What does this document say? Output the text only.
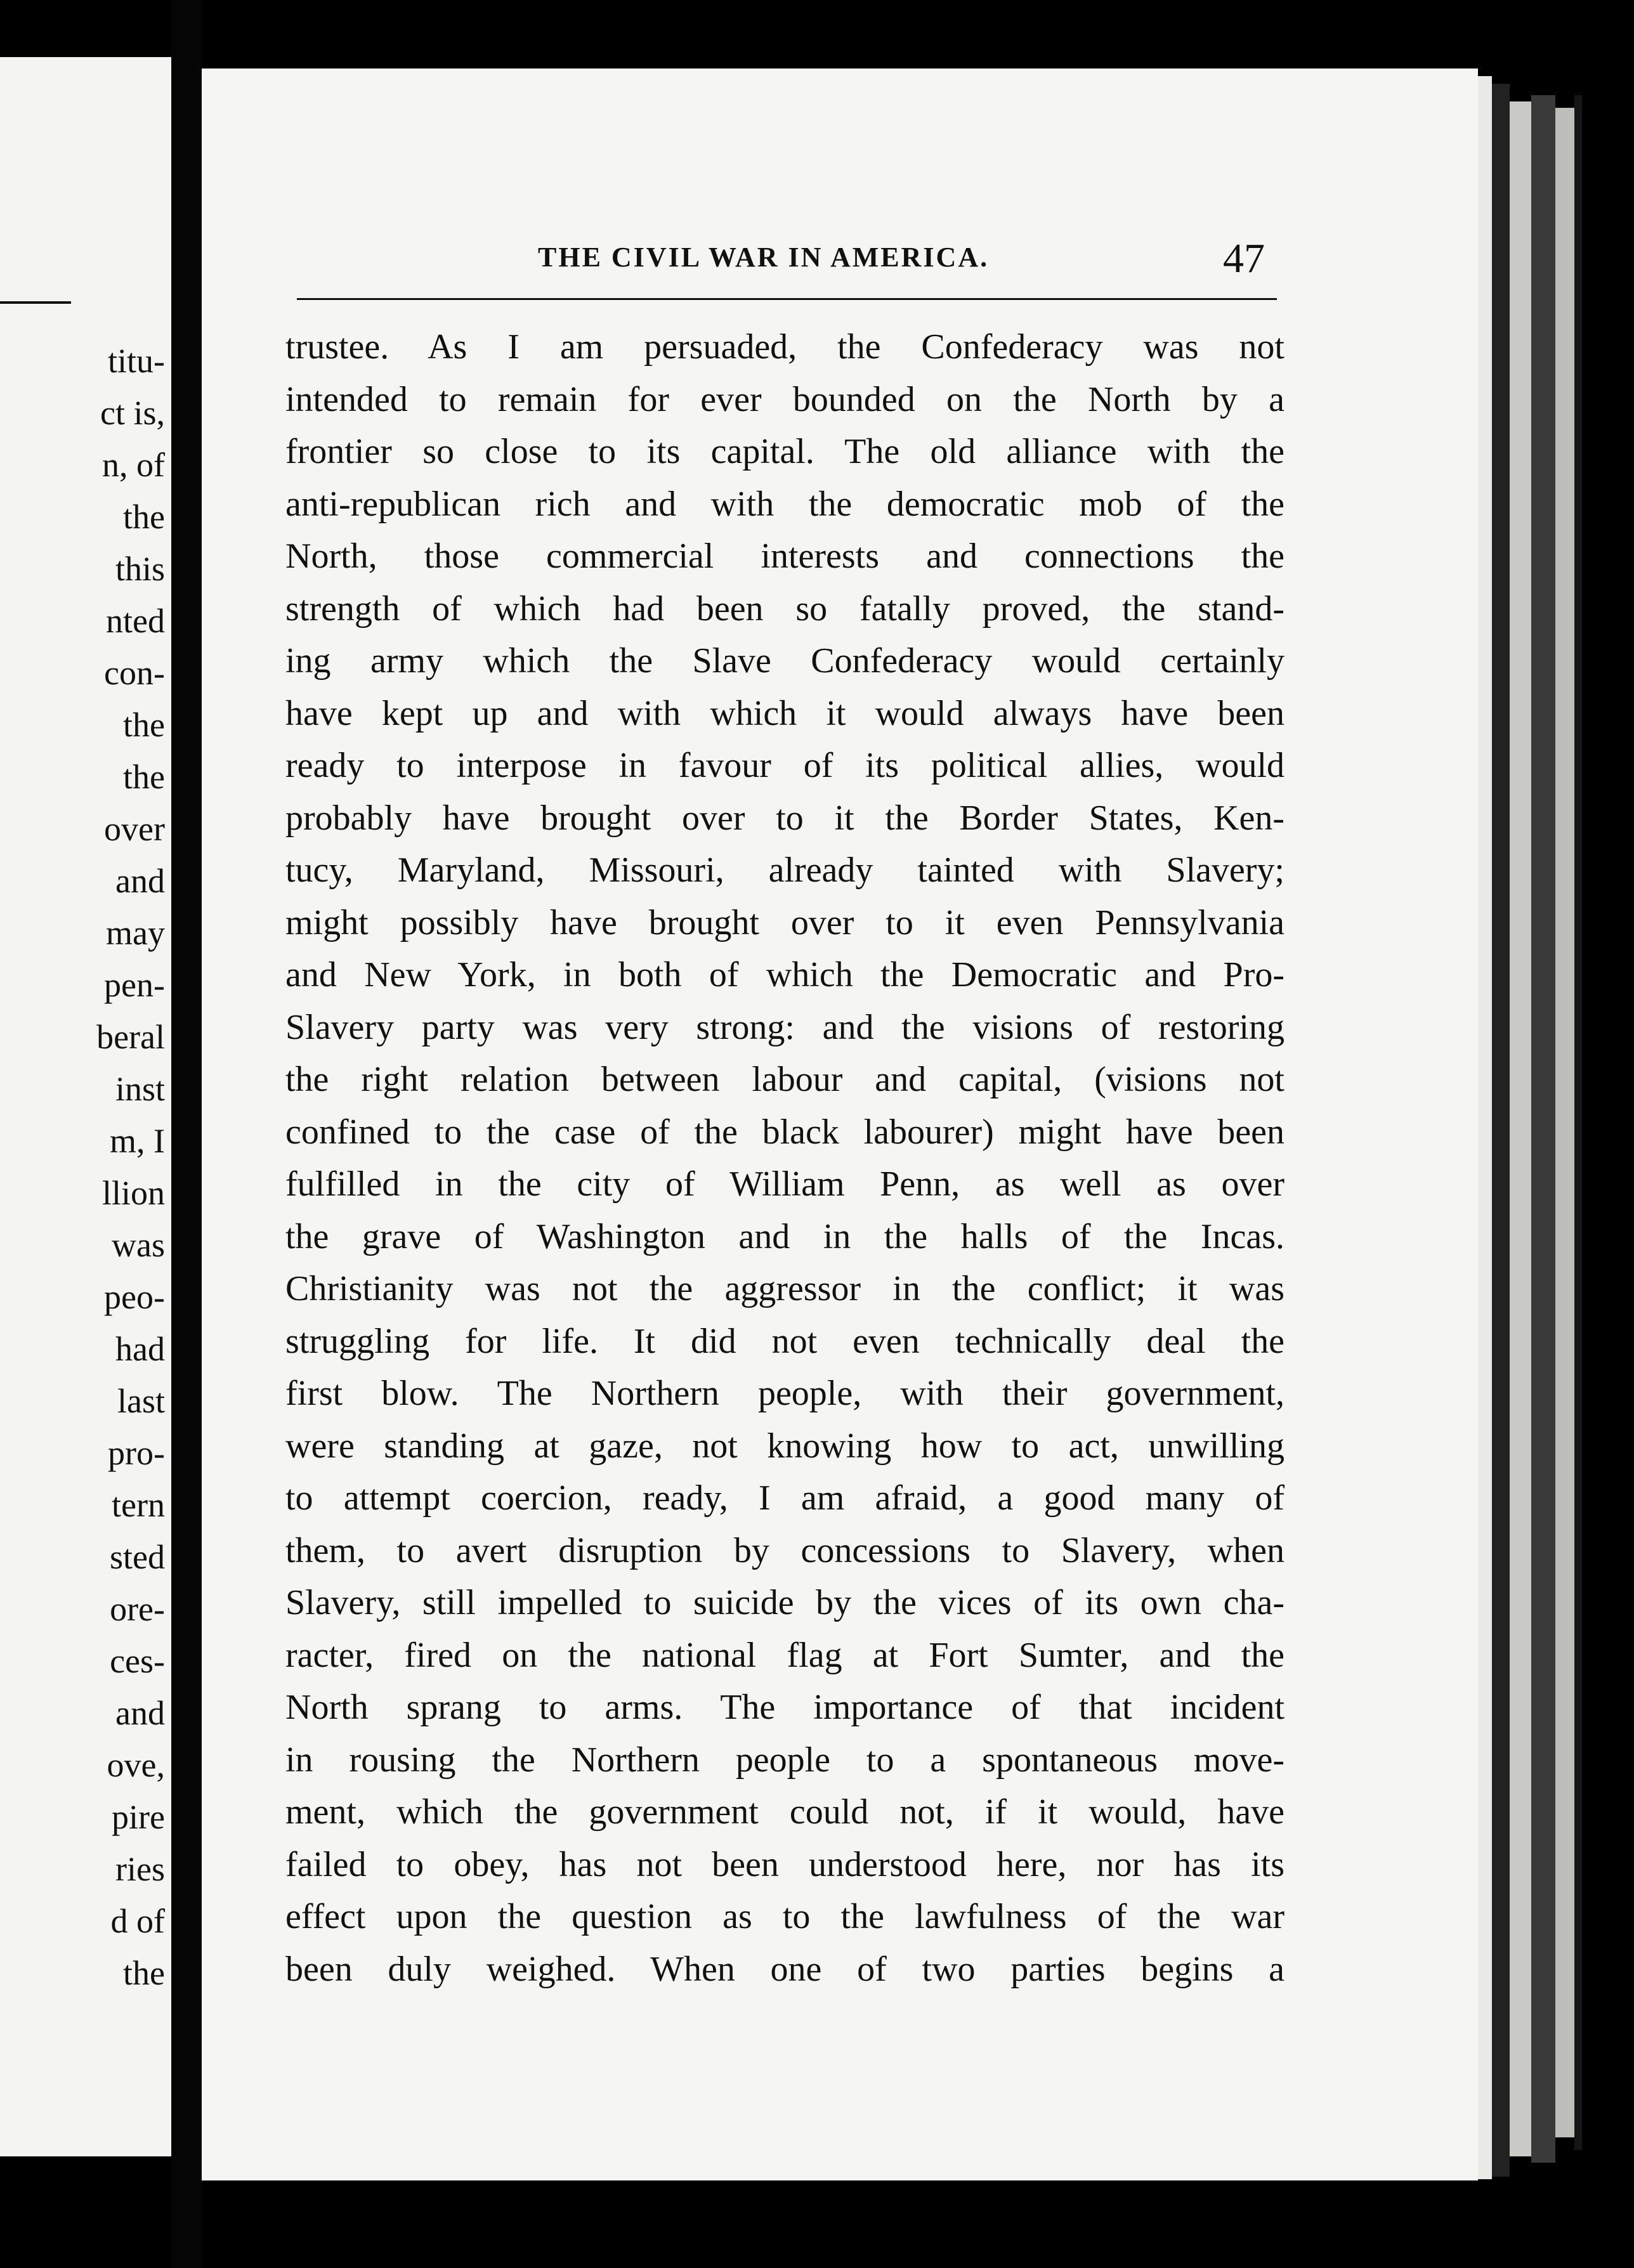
titu-
ct is,
n, of
the
this
nted
con-
the
the
over
and
may
pen-
beral
inst
m, I
llion
was
peo-
had
last
pro-
tern
sted
ore-
ces-
and
ove,
pire
ries
d of
the
THE CIVIL WAR IN AMERICA.	47
trustee. As I am persuaded, the Confederacy was not
intended to remain for ever bounded on the North by a
frontier so close to its capital. The old alliance with the
anti-republican rich and with the democratic mob of the
North, those commercial interests and connections the
strength of which had been so fatally proved, the stand-
ing army which the Slave Confederacy would certainly
have kept up and with which it would always have been
ready to interpose in favour of its political allies, would
probably have brought over to it the Border States, Ken-
tucy, Maryland, Missouri, already tainted with Slavery;
might possibly have brought over to it even Pennsylvania
and New York, in both of which the Democratic and Pro-
Slavery party was very strong: and the visions of restoring
the right relation between labour and capital, (visions not
confined to the case of the black labourer) might have been
fulfilled in the city of William Penn, as well as over
the grave of Washington and in the halls of the Incas.
Christianity was not the aggressor in the conflict; it was
struggling for life. It did not even technically deal the
first blow. The Northern people, with their government,
were standing at gaze, not knowing how to act, unwilling
to attempt coercion, ready, I am afraid, a good many of
them, to avert disruption by concessions to Slavery, when
Slavery, still impelled to suicide by the vices of its own cha-
racter, fired on the national flag at Fort Sumter, and the
North sprang to arms. The importance of that incident
in rousing the Northern people to a spontaneous move-
ment, which the government could not, if it would, have
failed to obey, has not been understood here, nor has its
effect upon the question as to the lawfulness of the war
been duly weighed. When one of two parties begins a
